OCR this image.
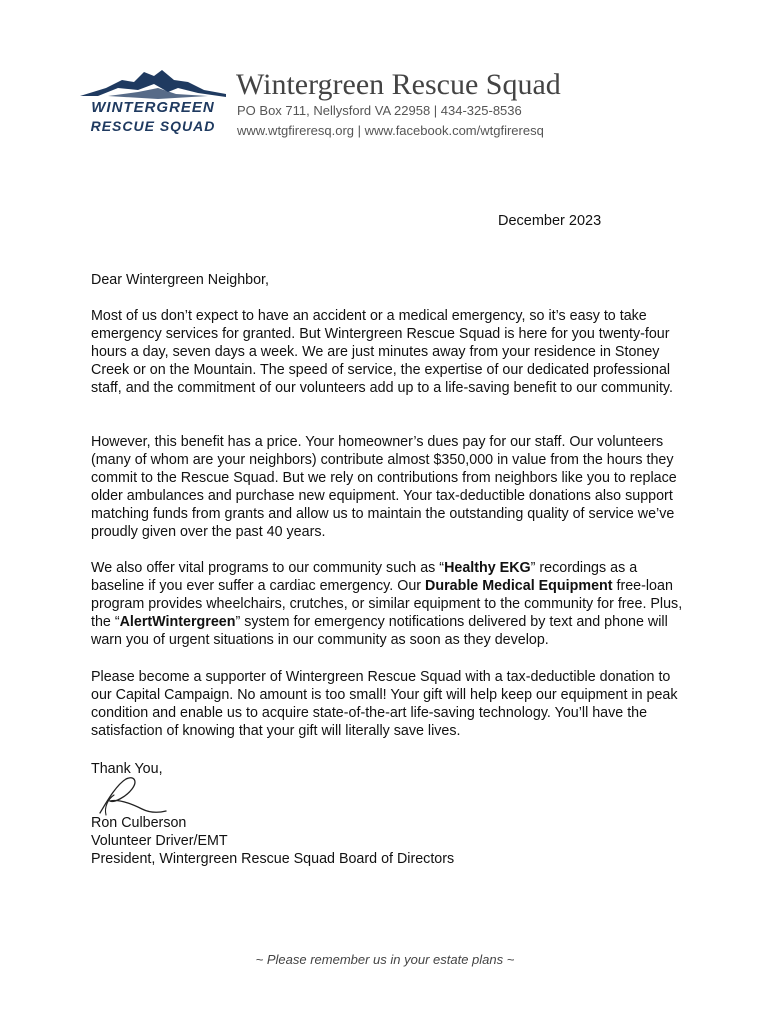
WINTERGREEN
RESCUE SQUAD
Wintergreen Rescue Squad
PO Box 711, Nellysford VA 22958 | 434-325-8536
www.wtgfireresq.org | www.facebook.com/wtgfireresq
December 2023

Dear Wintergreen Neighbor,

Most of us don’t expect to have an accident or a medical emergency, so it’s easy to take emergency services for granted. But Wintergreen Rescue Squad is here for you twenty-four hours a day, seven days a week. We are just minutes away from your residence in Stoney Creek or on the Mountain. The speed of service, the expertise of our dedicated professional staff, and the commitment of our volunteers add up to a life-saving benefit to our community.

However, this benefit has a price. Your homeowner’s dues pay for our staff. Our volunteers (many of whom are your neighbors) contribute almost $350,000 in value from the hours they commit to the Rescue Squad. But we rely on contributions from neighbors like you to replace older ambulances and purchase new equipment. Your tax-deductible donations also support matching funds from grants and allow us to maintain the outstanding quality of service we’ve proudly given over the past 40 years.

We also offer vital programs to our community such as “Healthy EKG” recordings as a baseline if you ever suffer a cardiac emergency. Our Durable Medical Equipment free-loan program provides wheelchairs, crutches, or similar equipment to the community for free. Plus, the “AlertWintergreen” system for emergency notifications delivered by text and phone will warn you of urgent situations in our community as soon as they develop.

Please become a supporter of Wintergreen Rescue Squad with a tax-deductible donation to our Capital Campaign. No amount is too small! Your gift will help keep our equipment in peak condition and enable us to acquire state-of-the-art life-saving technology. You’ll have the satisfaction of knowing that your gift will literally save lives.

Thank You,

Ron Culberson
Volunteer Driver/EMT
President, Wintergreen Rescue Squad Board of Directors
~ Please remember us in your estate plans ~
